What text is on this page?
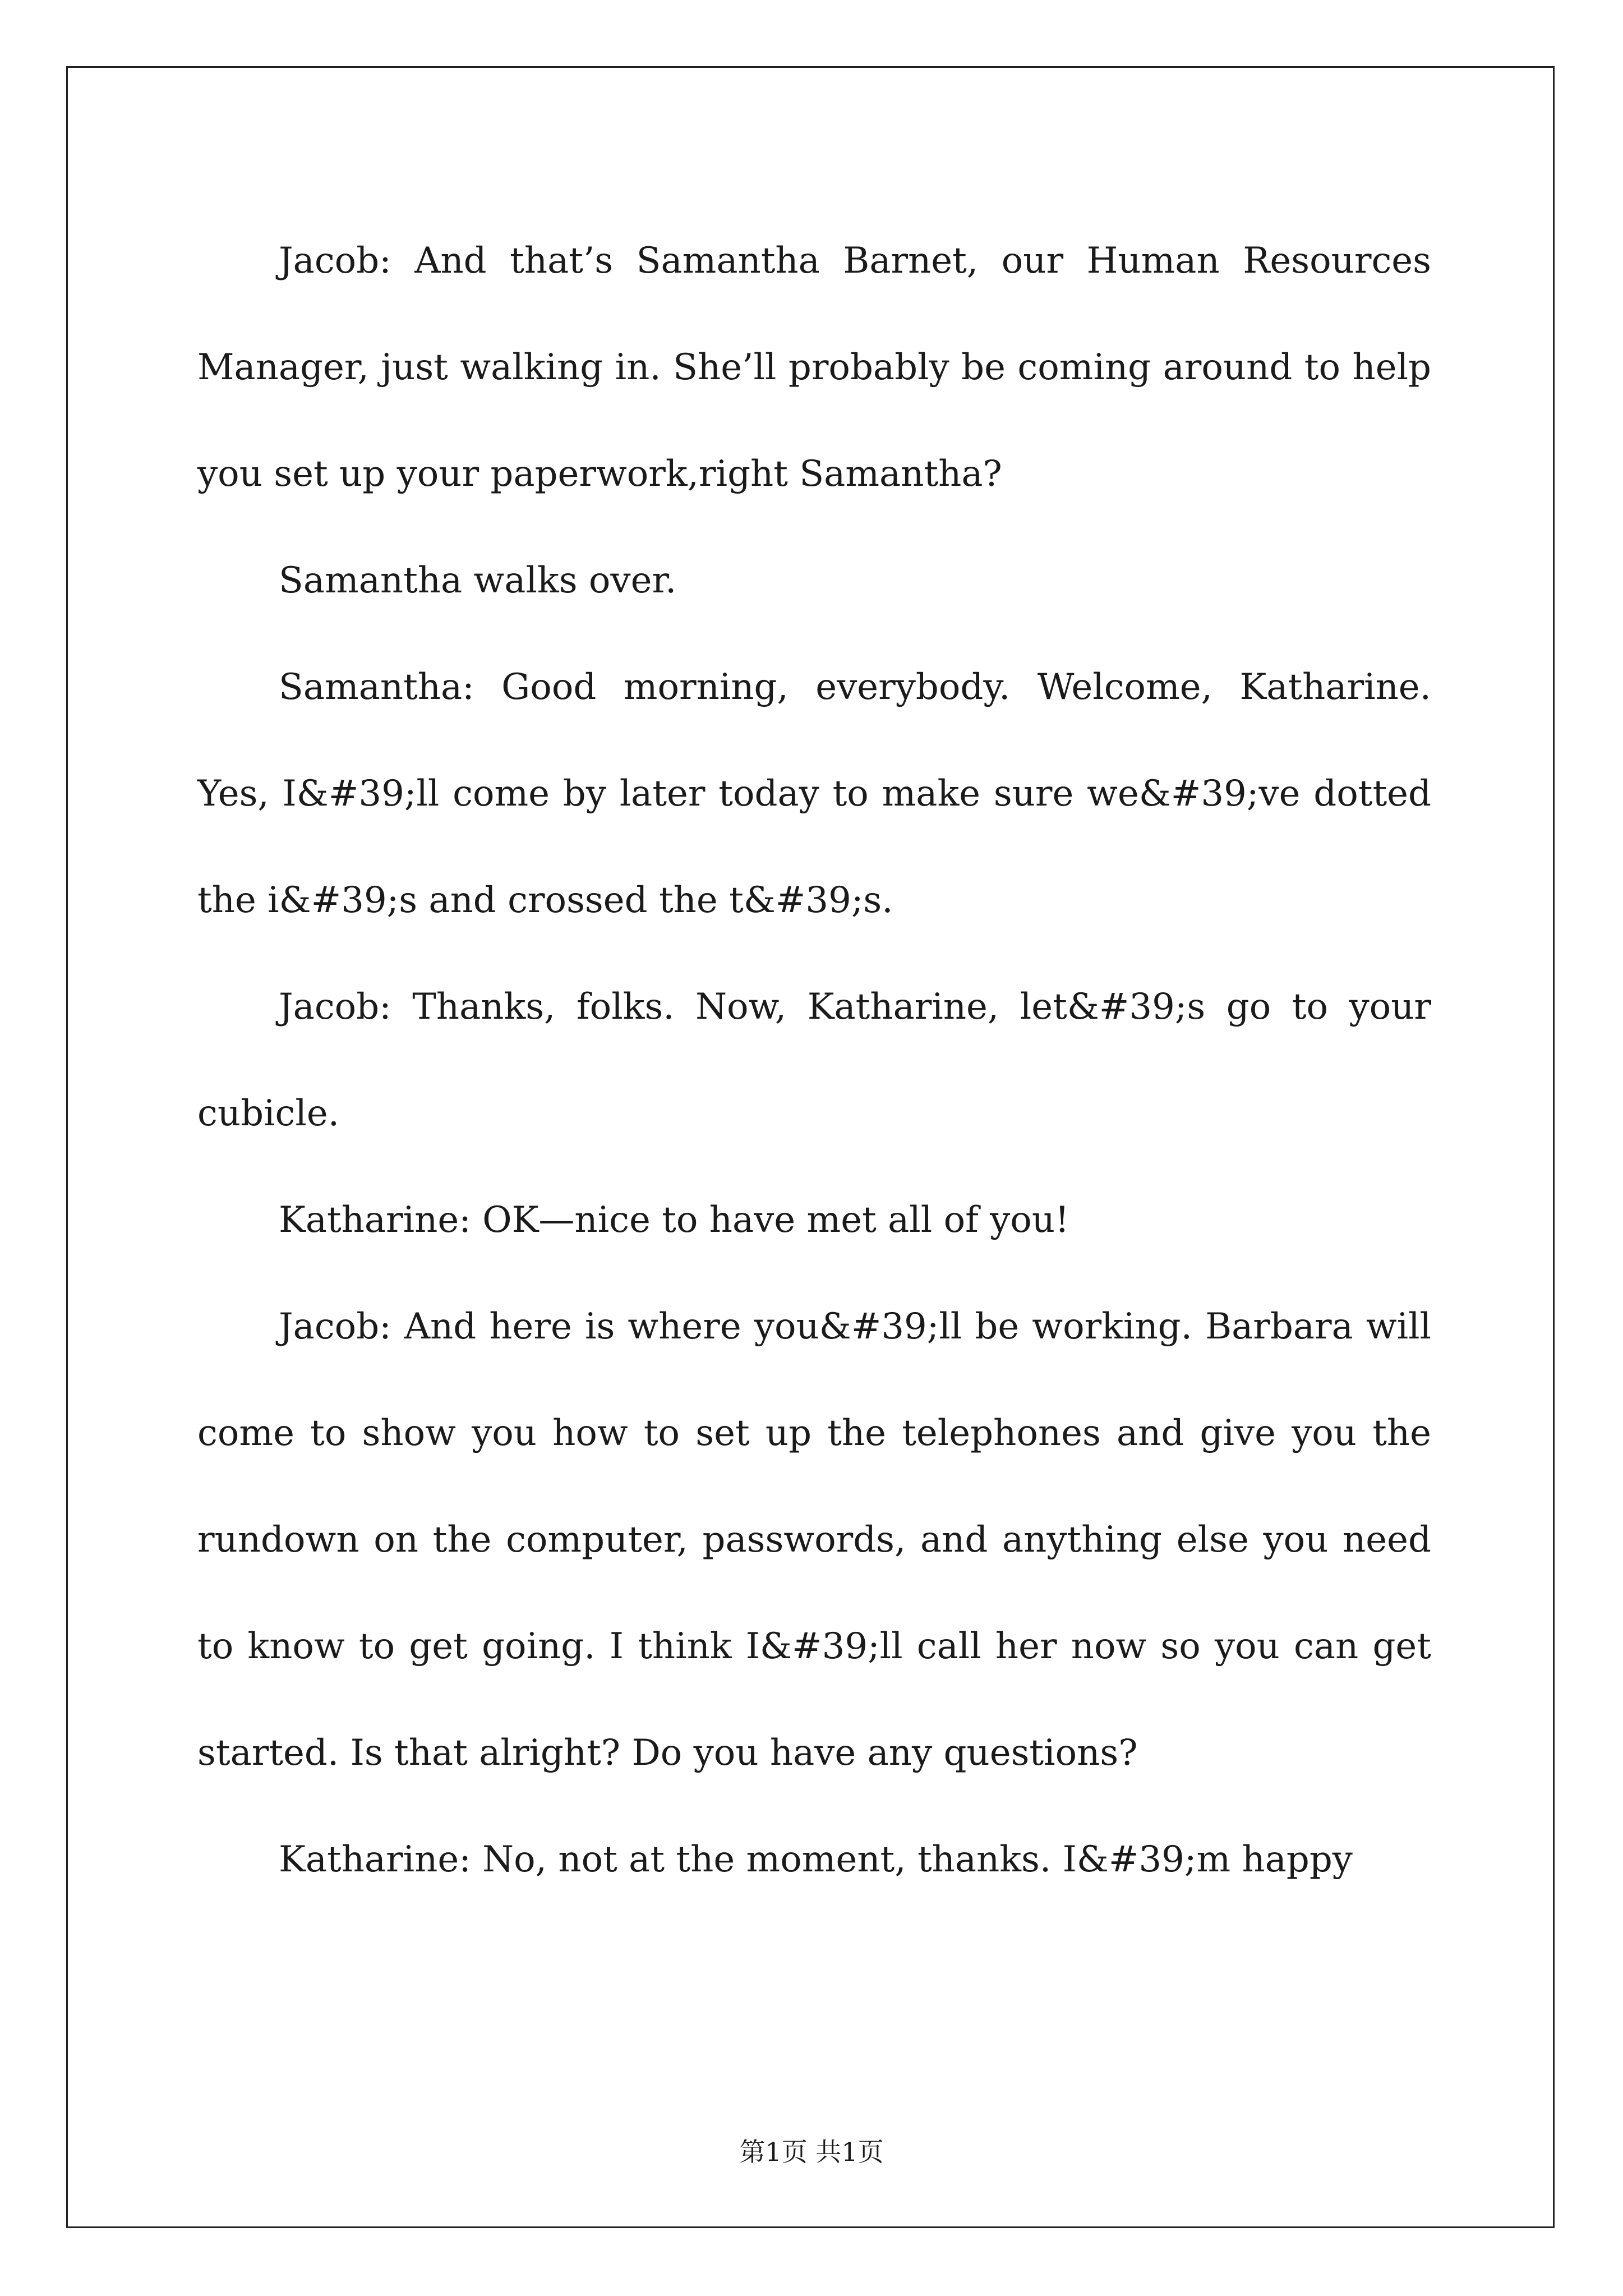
Jacob: And that’s Samantha Barnet, our Human Resources Manager, just walking in. She’ll probably be coming around to help you set up your paperwork,right Samantha?

Samantha walks over.

Samantha: Good morning, everybody. Welcome, Katharine. Yes, I&#39;ll come by later today to make sure we&#39;ve dotted the i&#39;s and crossed the t&#39;s.

Jacob: Thanks, folks. Now, Katharine, let&#39;s go to your cubicle.

Katharine: OK—nice to have met all of you!

Jacob: And here is where you&#39;ll be working. Barbara will come to show you how to set up the telephones and give you the rundown on the computer, passwords, and anything else you need to know to get going. I think I&#39;ll call her now so you can get started. Is that alright? Do you have any questions?

Katharine: No, not at the moment, thanks. I&#39;m happy

第1页 共1页
